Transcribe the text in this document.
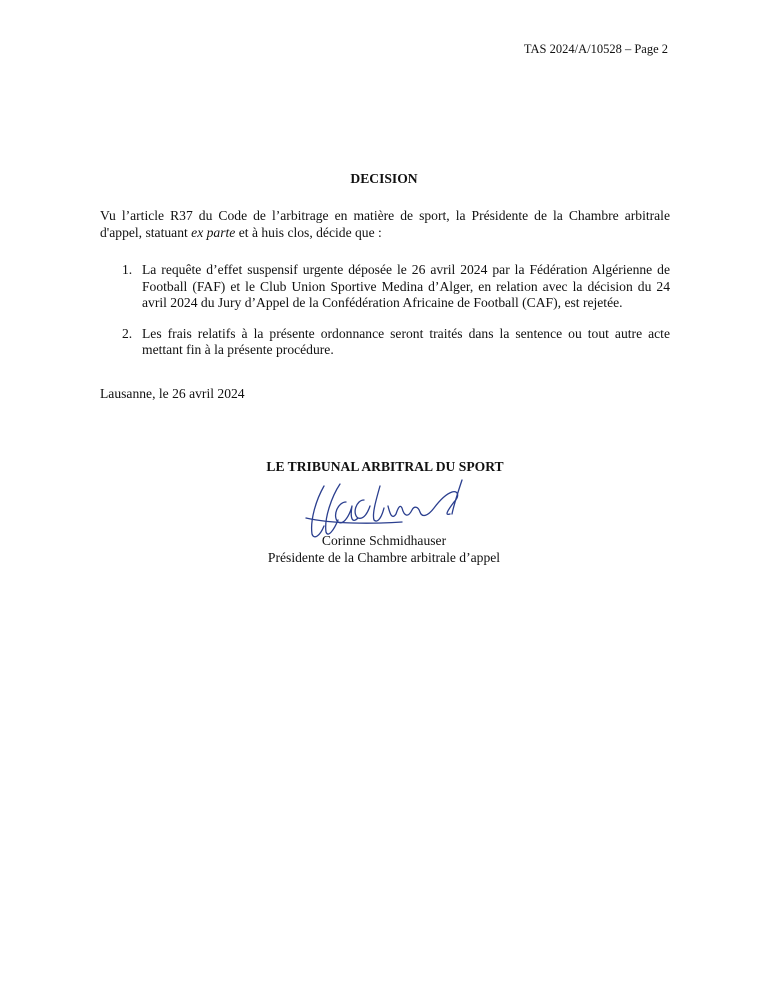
TAS 2024/A/10528 – Page 2
DECISION
Vu l’article R37 du Code de l’arbitrage en matière de sport, la Présidente de la Chambre arbitrale d'appel, statuant ex parte et à huis clos, décide que :
1. La requête d’effet suspensif urgente déposée le 26 avril 2024 par la Fédération Algérienne de Football (FAF) et le Club Union Sportive Medina d’Alger, en relation avec la décision du 24 avril 2024 du Jury d’Appel de la Confédération Africaine de Football (CAF), est rejetée.
2. Les frais relatifs à la présente ordonnance seront traités dans la sentence ou tout autre acte mettant fin à la présente procédure.
Lausanne, le 26 avril 2024
LE TRIBUNAL ARBITRAL DU SPORT
Corinne Schmidhauser
Présidente de la Chambre arbitrale d’appel
